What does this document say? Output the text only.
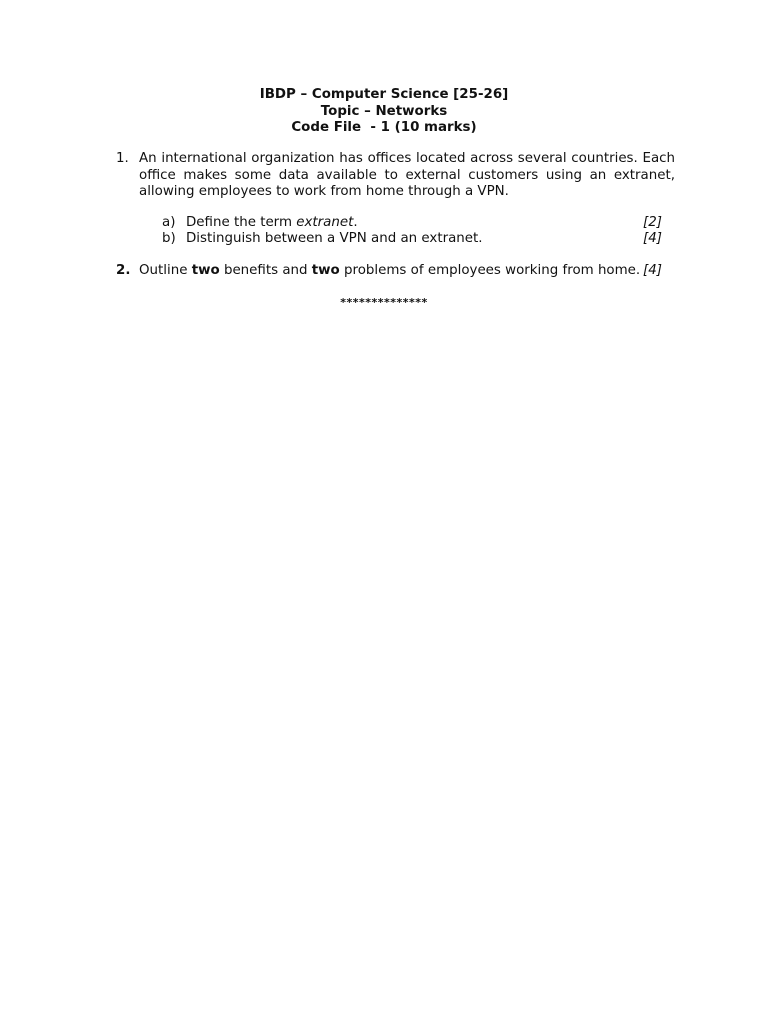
IBDP – Computer Science [25-26]
Topic – Networks
Code File  - 1 (10 marks)
1. An international organization has offices located across several countries. Each office makes some data available to external customers using an extranet, allowing employees to work from home through a VPN.
a) Define the term extranet.	[2]
b) Distinguish between a VPN and an extranet.	[4]
2. Outline two benefits and two problems of employees working from home. [4]
**************
